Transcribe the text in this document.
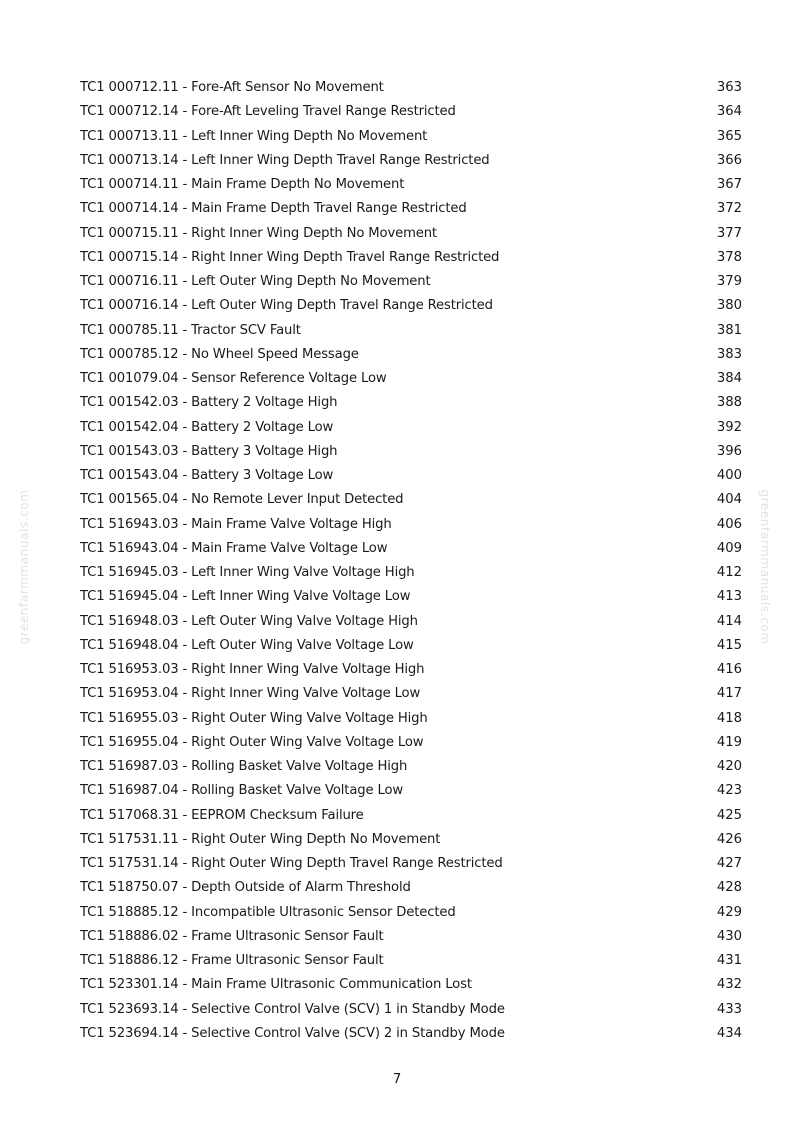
TC1 000712.11 - Fore-Aft Sensor No Movement	363
TC1 000712.14 - Fore-Aft Leveling Travel Range Restricted	364
TC1 000713.11 - Left Inner Wing Depth No Movement	365
TC1 000713.14 - Left Inner Wing Depth Travel Range Restricted	366
TC1 000714.11 - Main Frame Depth No Movement	367
TC1 000714.14 - Main Frame Depth Travel Range Restricted	372
TC1 000715.11 - Right Inner Wing Depth No Movement	377
TC1 000715.14 - Right Inner Wing Depth Travel Range Restricted	378
TC1 000716.11 - Left Outer Wing Depth No Movement	379
TC1 000716.14 - Left Outer Wing Depth Travel Range Restricted	380
TC1 000785.11 - Tractor SCV Fault	381
TC1 000785.12 - No Wheel Speed Message	383
TC1 001079.04 - Sensor Reference Voltage Low	384
TC1 001542.03 - Battery 2 Voltage High	388
TC1 001542.04 - Battery 2 Voltage Low	392
TC1 001543.03 - Battery 3 Voltage High	396
TC1 001543.04 - Battery 3 Voltage Low	400
TC1 001565.04 - No Remote Lever Input Detected	404
TC1 516943.03 - Main Frame Valve Voltage High	406
TC1 516943.04 - Main Frame Valve Voltage Low	409
TC1 516945.03 - Left Inner Wing Valve Voltage High	412
TC1 516945.04 - Left Inner Wing Valve Voltage Low	413
TC1 516948.03 - Left Outer Wing Valve Voltage High	414
TC1 516948.04 - Left Outer Wing Valve Voltage Low	415
TC1 516953.03 - Right Inner Wing Valve Voltage High	416
TC1 516953.04 - Right Inner Wing Valve Voltage Low	417
TC1 516955.03 - Right Outer Wing Valve Voltage High	418
TC1 516955.04 - Right Outer Wing Valve Voltage Low	419
TC1 516987.03 - Rolling Basket Valve Voltage High	420
TC1 516987.04 - Rolling Basket Valve Voltage Low	423
TC1 517068.31 - EEPROM Checksum Failure	425
TC1 517531.11 - Right Outer Wing Depth No Movement	426
TC1 517531.14 - Right Outer Wing Depth Travel Range Restricted	427
TC1 518750.07 - Depth Outside of Alarm Threshold	428
TC1 518885.12 - Incompatible Ultrasonic Sensor Detected	429
TC1 518886.02 - Frame Ultrasonic Sensor Fault	430
TC1 518886.12 - Frame Ultrasonic Sensor Fault	431
TC1 523301.14 - Main Frame Ultrasonic Communication Lost	432
TC1 523693.14 - Selective Control Valve (SCV) 1 in Standby Mode	433
TC1 523694.14 - Selective Control Valve (SCV) 2 in Standby Mode	434
7
greenfarmmanuals.com	greenfarmmanuals.com
